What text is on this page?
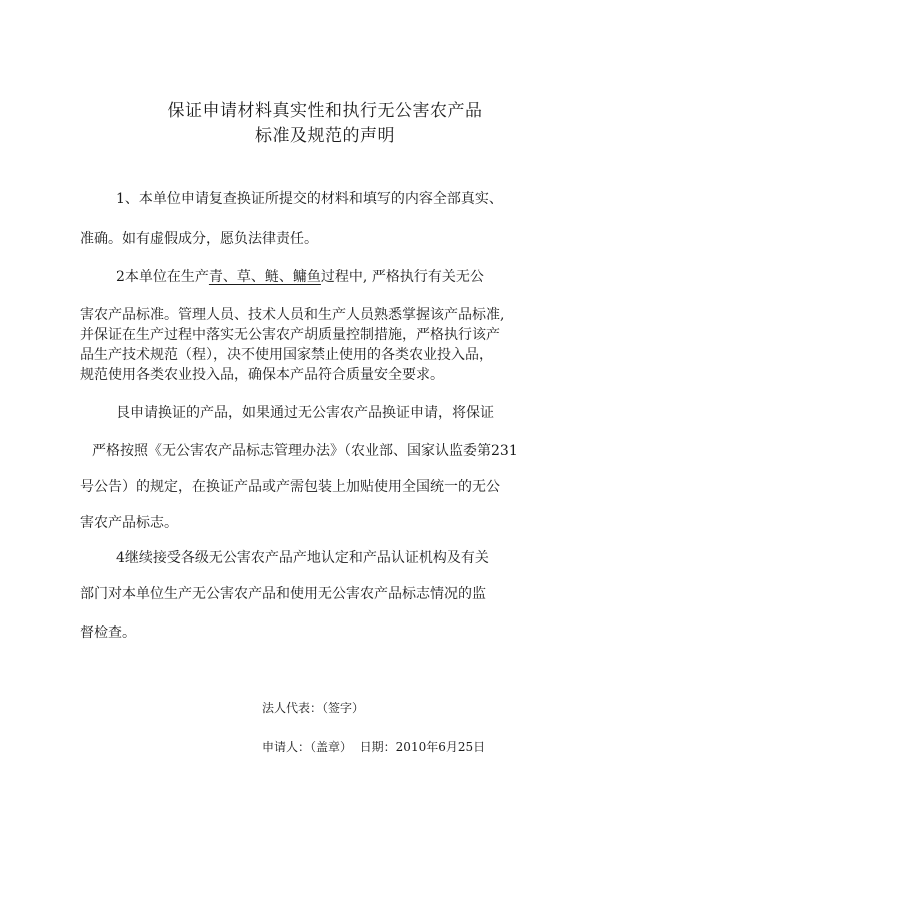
保证申请材料真实性和执行无公害农产品
标准及规范的声明
1、本单位申请复查换证所提交的材料和填写的内容全部真实、
准确。如有虚假成分，愿负法律责任。
2本单位在生产青、草、鲢、鳙鱼过程中, 严格执行有关无公
害农产品标准。管理人员、技术人员和生产人员熟悉掌握该产品标准,
并保证在生产过程中落实无公害农产胡质量控制措施，严格执行该产
品生产技术规范（程），决不使用国家禁止使用的各类农业投入品，
规范使用各类农业投入品，确保本产品符合质量安全要求。
艮申请换证的产品，如果通过无公害农产品换证申请，将保证
严格按照《无公害农产品标志管理办法》（农业部、国家认监委第231
号公告）的规定，在换证产品或产需包装上加贴使用全国统一的无公
害农产品标志。
4继续接受各级无公害农产品产地认定和产品认证机构及有关
部门对本单位生产无公害农产品和使用无公害农产品标志情况的监
督检查。
法人代表：（签字）
申请人：（盖章） 日期：2010年6月25日
